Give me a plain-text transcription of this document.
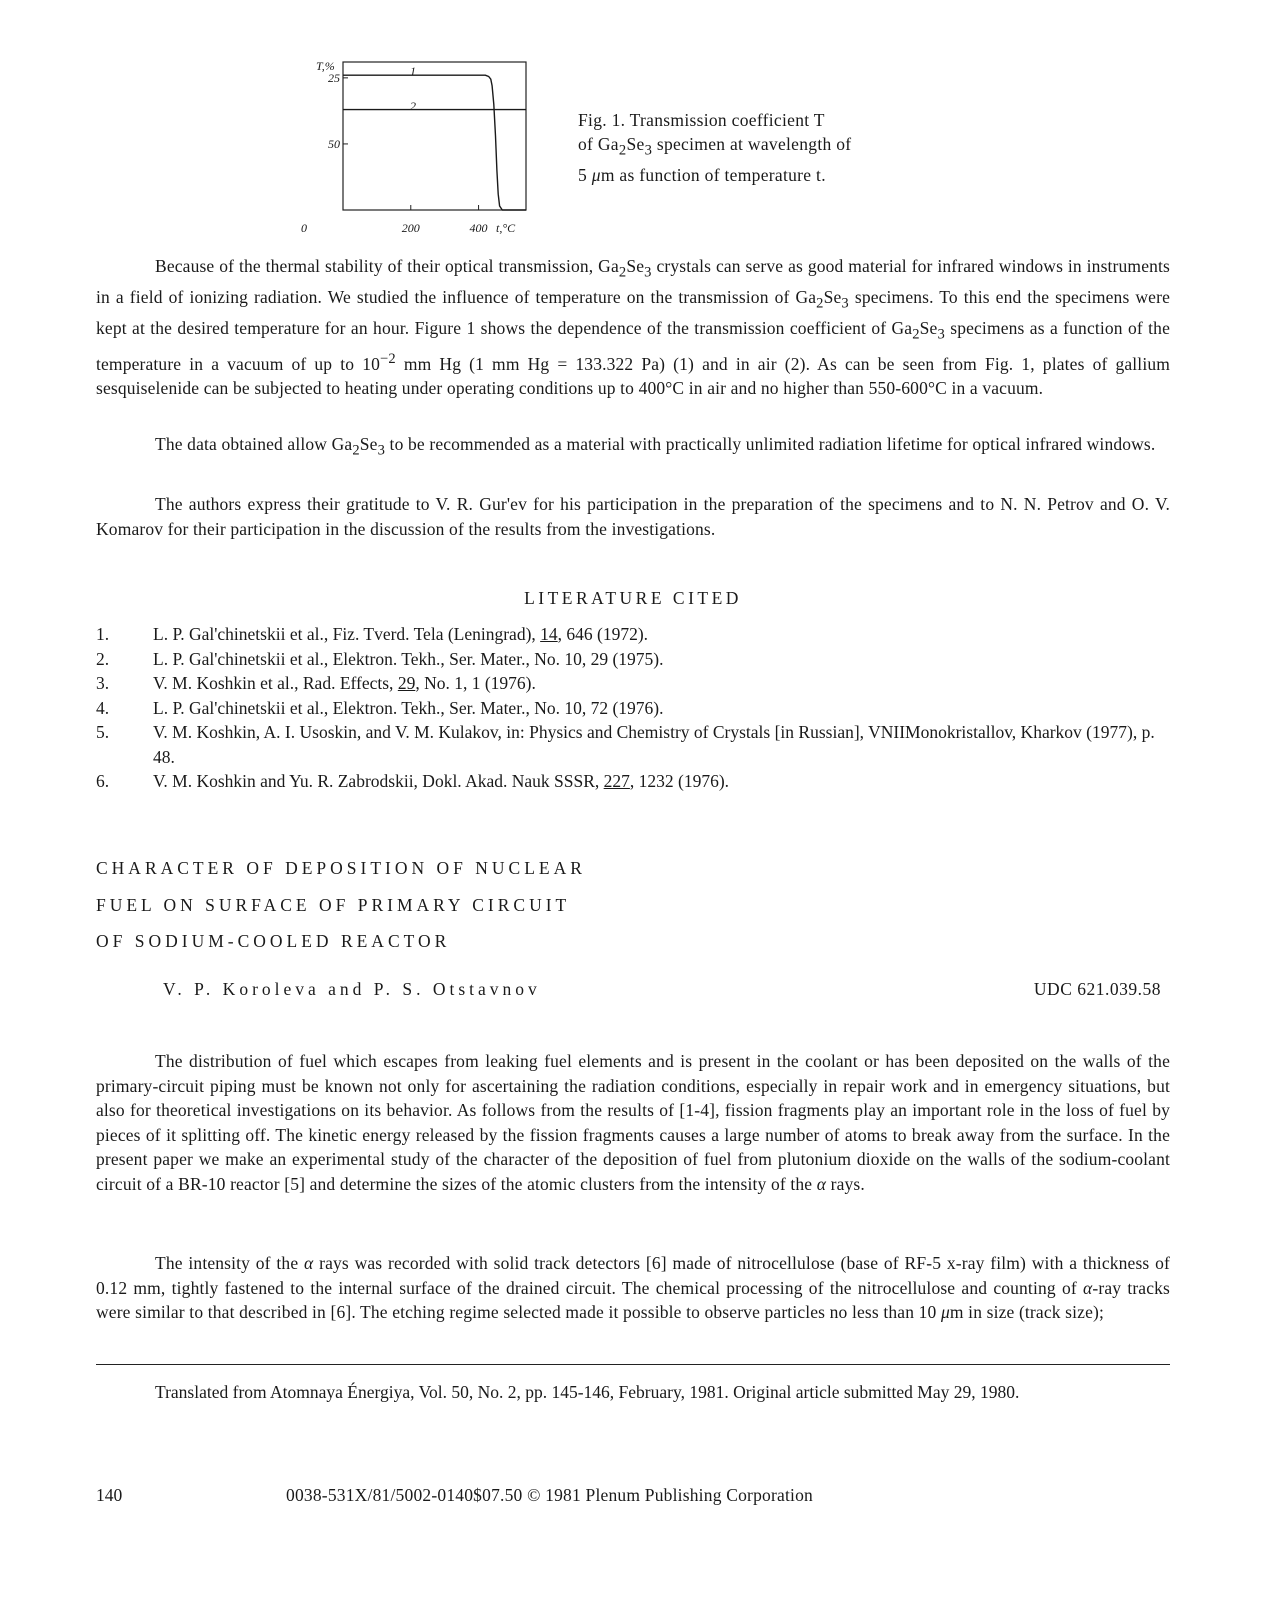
T,%	1
2
0
50
25
200	400 t,°C
Fig. 1. Transmission coefficient T
of $Ga_2Se_3$ specimen at wavelength of
5 μm as function of temperature t.
Because of the thermal stability of their optical transmission, $Ga_2Se_3$ crystals can serve as good material for infrared windows in instruments in a field of ionizing radiation. We studied the influence of temperature on the transmission of $Ga_2Se_3$ specimens. To this end the specimens were kept at the desired temperature for an hour. Figure 1 shows the dependence of the transmission coefficient of $Ga_2Se_3$ specimens as a function of the temperature in a vacuum of up to $10^{-2}$ mm Hg (1 mm Hg = 133.322 Pa) (1) and in air (2). As can be seen from Fig. 1, plates of gallium sesquiselenide can be subjected to heating under operating conditions up to 400°C in air and no higher than 550-600°C in a vacuum.
The data obtained allow $Ga_2Se_3$ to be recommended as a material with practically unlimited radiation lifetime for optical infrared windows.
The authors express their gratitude to V. R. Gur'ev for his participation in the preparation of the specimens and to N. N. Petrov and O. V. Komarov for their participation in the discussion of the results from the investigations.
LITERATURE CITED
1.	L. P. Gal'chinetskii et al., Fiz. Tverd. Tela (Leningrad), 14, 646 (1972).
2.	L. P. Gal'chinetskii et al., Elektron. Tekh., Ser. Mater., No. 10, 29 (1975).
3.	V. M. Koshkin et al., Rad. Effects, 29, No. 1, 1 (1976).
4.	L. P. Gal'chinetskii et al., Elektron. Tekh., Ser. Mater., No. 10, 72 (1976).
5.	V. M. Koshkin, A. I. Usoskin, and V. M. Kulakov, in: Physics and Chemistry of Crystals [in Russian], VNIIMonokristallov, Kharkov (1977), p. 48.
6.	V. M. Koshkin and Yu. R. Zabrodskii, Dokl. Akad. Nauk SSSR, 227, 1232 (1976).
CHARACTER OF DEPOSITION OF NUCLEAR
FUEL ON SURFACE OF PRIMARY CIRCUIT
OF SODIUM-COOLED REACTOR
V. P. Koroleva and P. S. Otstavnov	UDC 621.039.58
The distribution of fuel which escapes from leaking fuel elements and is present in the coolant or has been deposited on the walls of the primary-circuit piping must be known not only for ascertaining the radiation conditions, especially in repair work and in emergency situations, but also for theoretical investigations on its behavior. As follows from the results of [1-4], fission fragments play an important role in the loss of fuel by pieces of it splitting off. The kinetic energy released by the fission fragments causes a large number of atoms to break away from the surface. In the present paper we make an experimental study of the character of the deposition of fuel from plutonium dioxide on the walls of the sodium-coolant circuit of a BR-10 reactor [5] and determine the sizes of the atomic clusters from the intensity of the α rays.
The intensity of the α rays was recorded with solid track detectors [6] made of nitrocellulose (base of RF-5 x-ray film) with a thickness of 0.12 mm, tightly fastened to the internal surface of the drained circuit. The chemical processing of the nitrocellulose and counting of α-ray tracks were similar to that described in [6]. The etching regime selected made it possible to observe particles no less than 10 μm in size (track size);
Translated from Atomnaya Énergiya, Vol. 50, No. 2, pp. 145-146, February, 1981. Original article submitted May 29, 1980.
140	0038-531X/81/5002-0140$07.50 © 1981 Plenum Publishing Corporation
